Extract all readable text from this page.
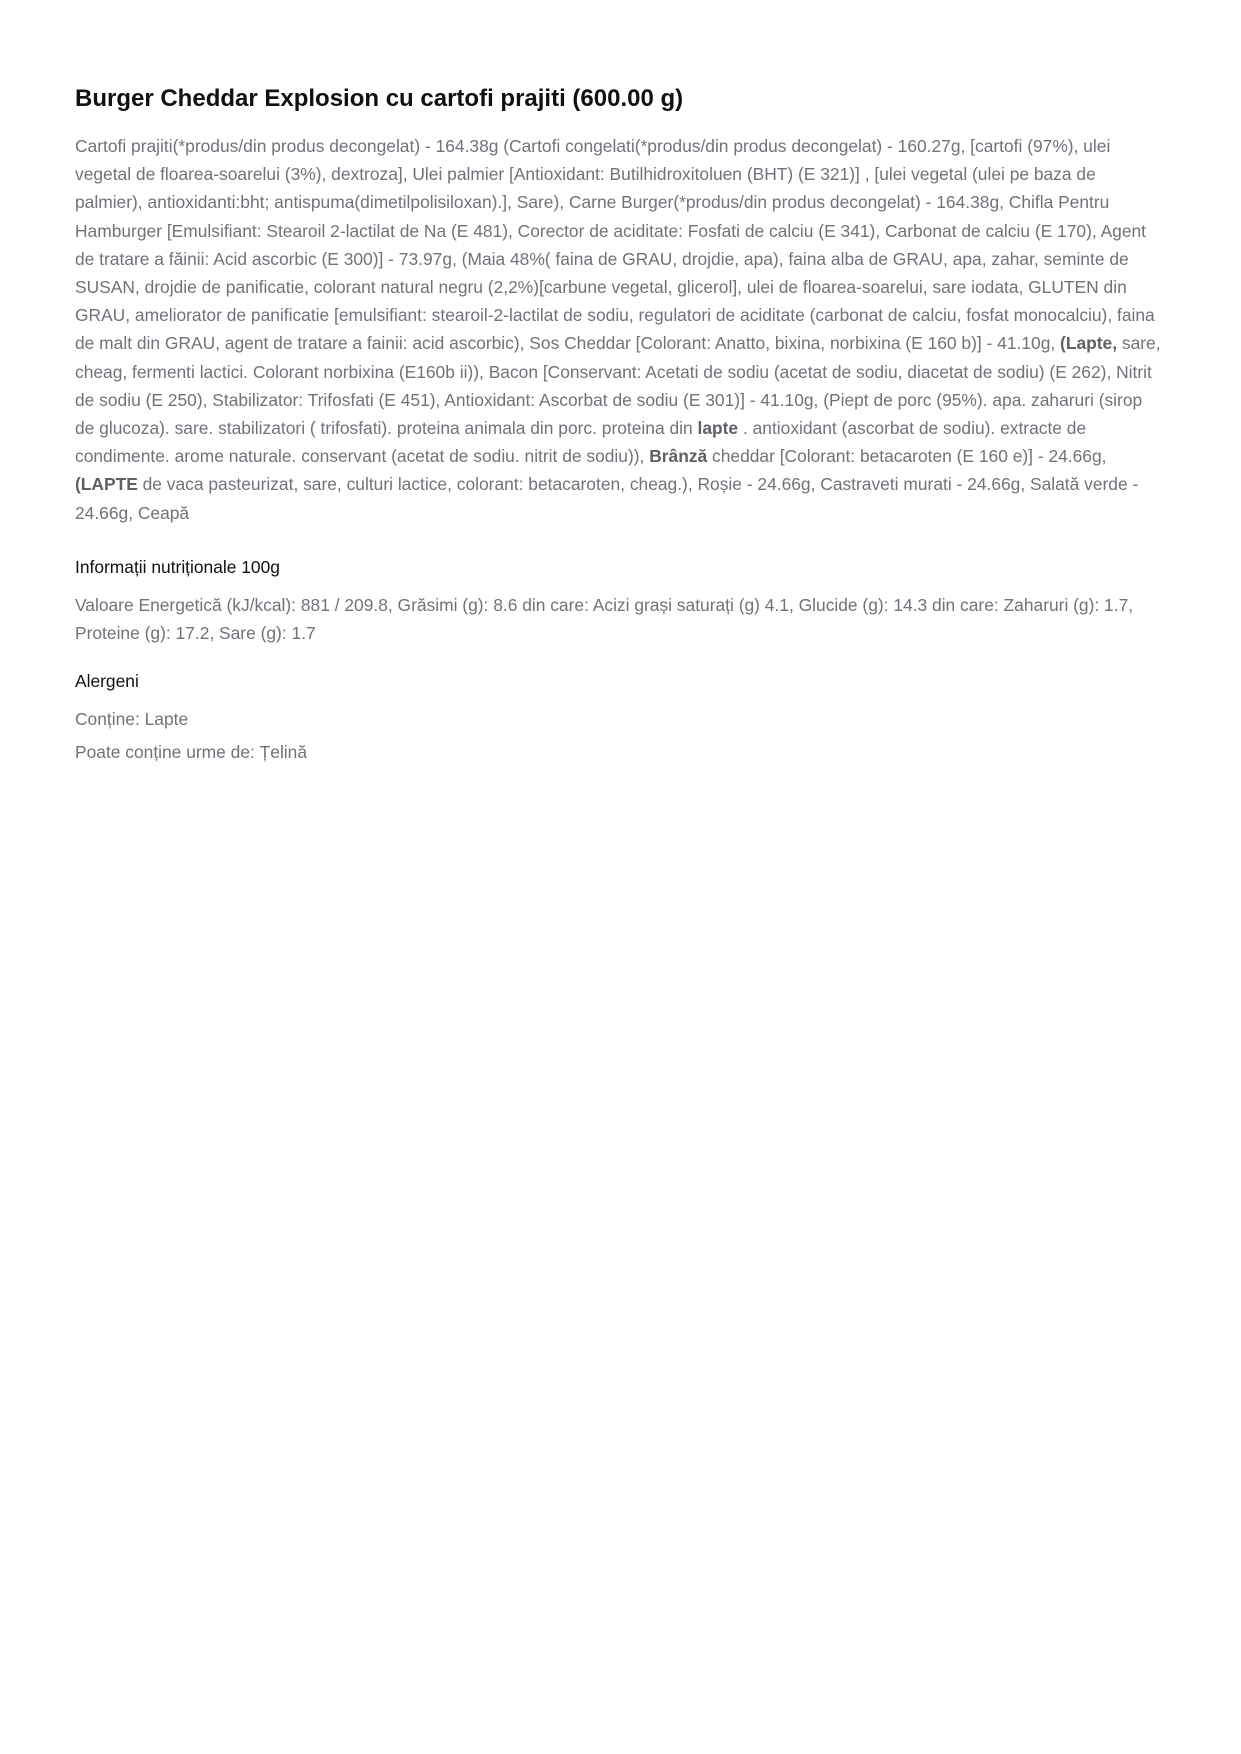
Burger Cheddar Explosion cu cartofi prajiti (600.00 g)

Cartofi prajiti(*produs/din produs decongelat) - 164.38g (Cartofi congelati(*produs/din produs decongelat) - 160.27g, [cartofi (97%), ulei vegetal de floarea-soarelui (3%), dextroza], Ulei palmier [Antioxidant: Butilhidroxitoluen (BHT) (E 321)] , [ulei vegetal (ulei pe baza de palmier), antioxidanti:bht; antispuma(dimetilpolisiloxan).], Sare), Carne Burger(*produs/din produs decongelat) - 164.38g, Chifla Pentru Hamburger [Emulsifiant: Stearoil 2-lactilat de Na (E 481), Corector de aciditate: Fosfati de calciu (E 341), Carbonat de calciu (E 170), Agent de tratare a făinii: Acid ascorbic (E 300)] - 73.97g, (Maia 48%( faina de GRAU, drojdie, apa), faina alba de GRAU, apa, zahar, seminte de SUSAN, drojdie de panificatie, colorant natural negru (2,2%)[carbune vegetal, glicerol], ulei de floarea-soarelui, sare iodata, GLUTEN din GRAU, ameliorator de panificatie [emulsifiant: stearoil-2-lactilat de sodiu, regulatori de aciditate (carbonat de calciu, fosfat monocalciu), faina de malt din GRAU, agent de tratare a fainii: acid ascorbic), Sos Cheddar [Colorant: Anatto, bixina, norbixina (E 160 b)] - 41.10g, (Lapte, sare, cheag, fermenti lactici. Colorant norbixina (E160b ii)), Bacon [Conservant: Acetati de sodiu (acetat de sodiu, diacetat de sodiu) (E 262), Nitrit de sodiu (E 250), Stabilizator: Trifosfati (E 451), Antioxidant: Ascorbat de sodiu (E 301)] - 41.10g, (Piept de porc (95%). apa. zaharuri (sirop de glucoza). sare. stabilizatori ( trifosfati). proteina animala din porc. proteina din lapte . antioxidant (ascorbat de sodiu). extracte de condimente. arome naturale. conservant (acetat de sodiu. nitrit de sodiu)), Brânză cheddar [Colorant: betacaroten (E 160 e)] - 24.66g, (LAPTE de vaca pasteurizat, sare, culturi lactice, colorant: betacaroten, cheag.), Roșie - 24.66g, Castraveti murati - 24.66g, Salată verde - 24.66g, Ceapă

Informații nutriționale 100g

Valoare Energetică (kJ/kcal): 881 / 209.8, Grăsimi (g): 8.6 din care: Acizi grași saturați (g) 4.1, Glucide (g): 14.3 din care: Zaharuri (g): 1.7, Proteine (g): 17.2, Sare (g): 1.7

Alergeni

Conține: Lapte

Poate conține urme de: Țelină
